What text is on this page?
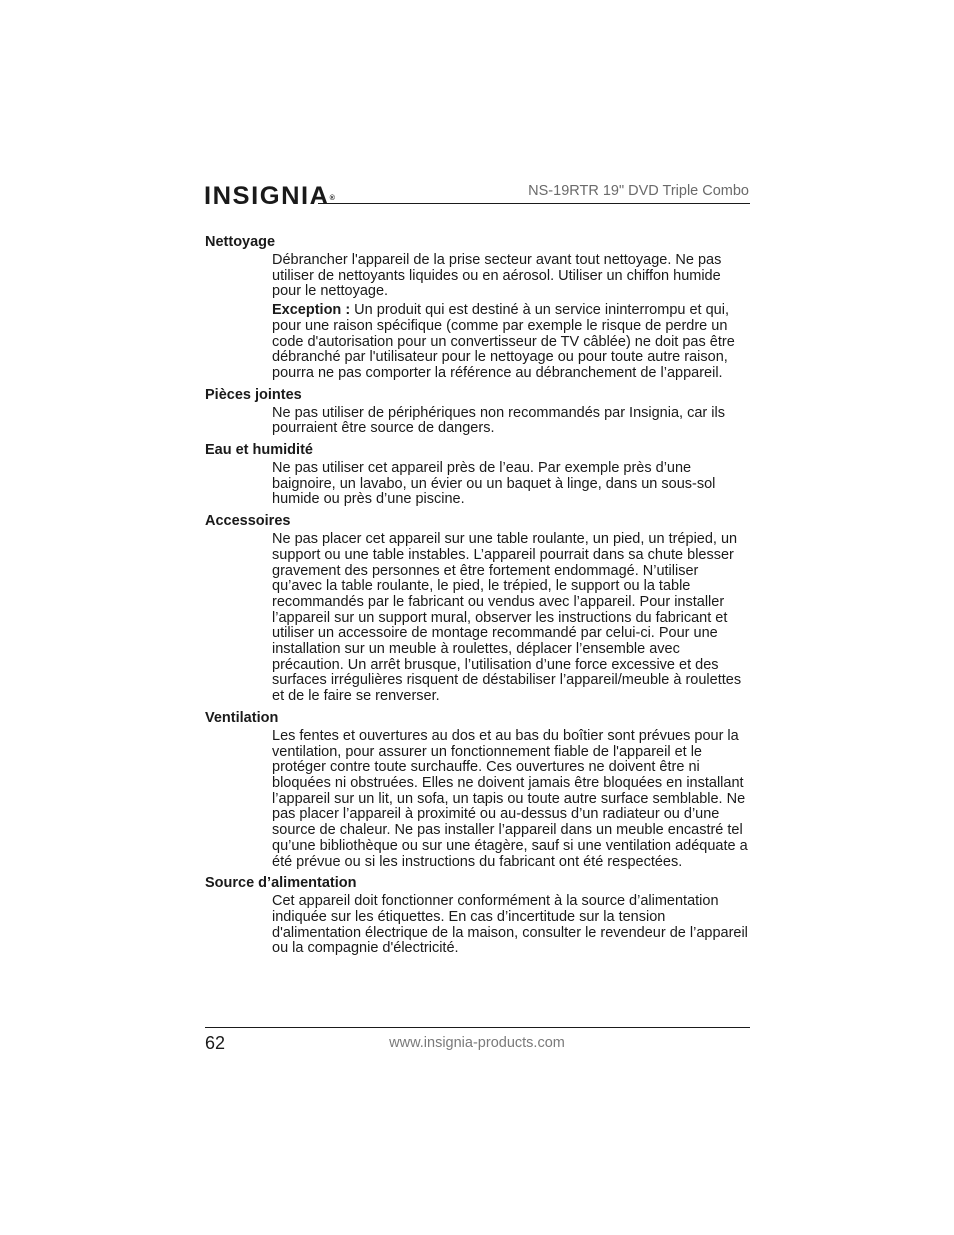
INSIGNIA®	NS-19RTR 19" DVD Triple Combo
Nettoyage

Débrancher l'appareil de la prise secteur avant tout nettoyage. Ne pas utiliser de nettoyants liquides ou en aérosol. Utiliser un chiffon humide pour le nettoyage.

Exception : Un produit qui est destiné à un service ininterrompu et qui, pour une raison spécifique (comme par exemple le risque de perdre un code d'autorisation pour un convertisseur de TV câblée) ne doit pas être débranché par l'utilisateur pour le nettoyage ou pour toute autre raison, pourra ne pas comporter la référence au débranchement de l’appareil.

Pièces jointes

Ne pas utiliser de périphériques non recommandés par Insignia, car ils pourraient être source de dangers.

Eau et humidité

Ne pas utiliser cet appareil près de l’eau. Par exemple près d’une baignoire, un lavabo, un évier ou un baquet à linge, dans un sous-sol humide ou près d’une piscine.

Accessoires

Ne pas placer cet appareil sur une table roulante, un pied, un trépied, un support ou une table instables. L’appareil pourrait dans sa chute blesser gravement des personnes et être fortement endommagé. N’utiliser qu’avec la table roulante, le pied, le trépied, le support ou la table recommandés par le fabricant ou vendus avec l’appareil. Pour installer l’appareil sur un support mural, observer les instructions du fabricant et utiliser un accessoire de montage recommandé par celui-ci. Pour une installation sur un meuble à roulettes, déplacer l’ensemble avec précaution. Un arrêt brusque, l’utilisation d’une force excessive et des surfaces irrégulières risquent de déstabiliser l’appareil/meuble à roulettes et de le faire se renverser.

Ventilation

Les fentes et ouvertures au dos et au bas du boîtier sont prévues pour la ventilation, pour assurer un fonctionnement fiable de l'appareil et le protéger contre toute surchauffe. Ces ouvertures ne doivent être ni bloquées ni obstruées. Elles ne doivent jamais être bloquées en installant l’appareil sur un lit, un sofa, un tapis ou toute autre surface semblable. Ne pas placer l’appareil à proximité ou au-dessus d’un radiateur ou d’une source de chaleur. Ne pas installer l’appareil dans un meuble encastré tel qu’une bibliothèque ou sur une étagère, sauf si une ventilation adéquate a été prévue ou si les instructions du fabricant ont été respectées.

Source d’alimentation

Cet appareil doit fonctionner conformément à la source d’alimentation indiquée sur les étiquettes. En cas d’incertitude sur la tension d'alimentation électrique de la maison, consulter le revendeur de l’appareil ou la compagnie d'électricité.

62	www.insignia-products.com
